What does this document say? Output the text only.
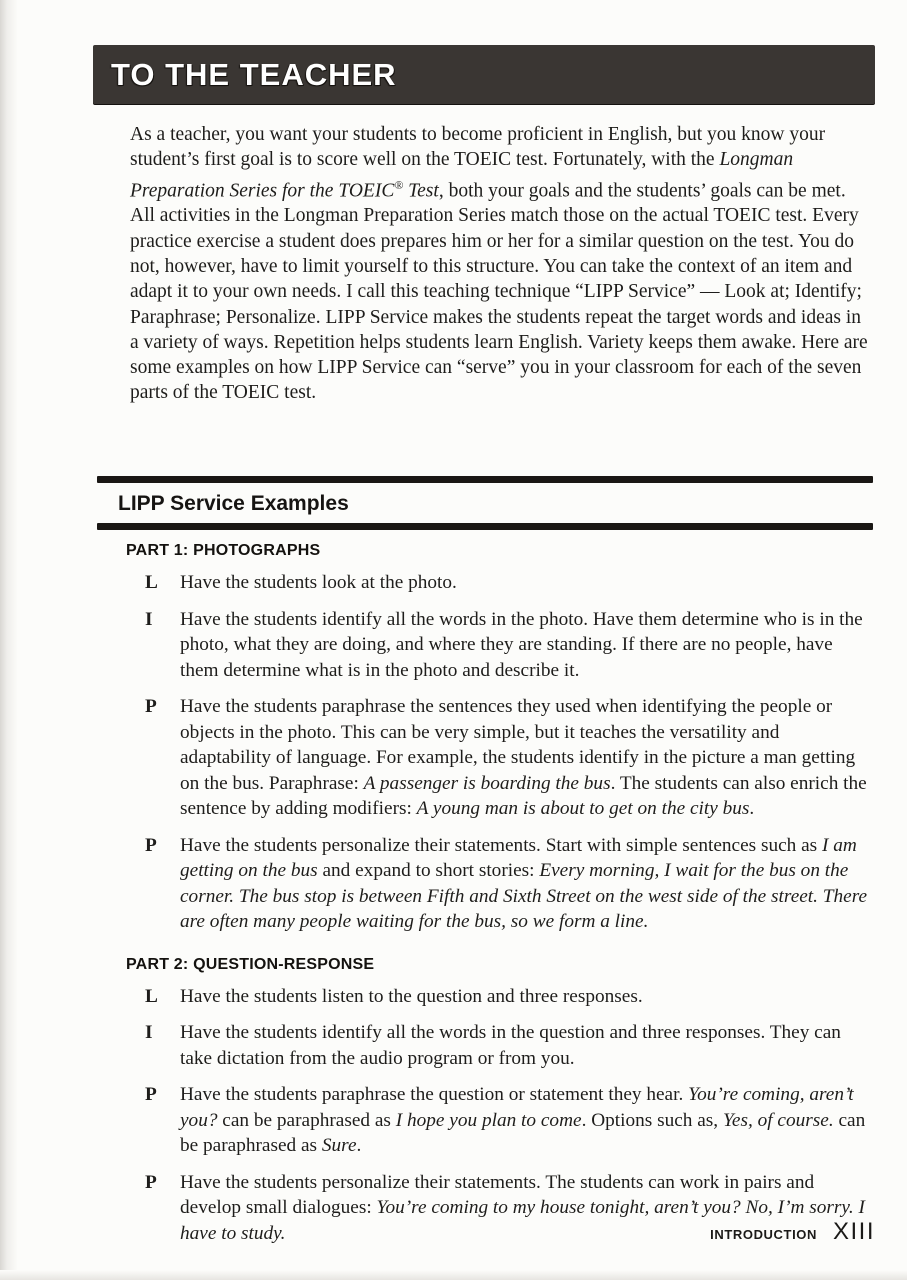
TO THE TEACHER

As a teacher, you want your students to become proficient in English, but you know your student’s first goal is to score well on the TOEIC test. Fortunately, with the Longman Preparation Series for the TOEIC® Test, both your goals and the students’ goals can be met. All activities in the Longman Preparation Series match those on the actual TOEIC test. Every practice exercise a student does prepares him or her for a similar question on the test. You do not, however, have to limit yourself to this structure. You can take the context of an item and adapt it to your own needs. I call this teaching technique “LIPP Service” — Look at; Identify; Paraphrase; Personalize. LIPP Service makes the students repeat the target words and ideas in a variety of ways. Repetition helps students learn English. Variety keeps them awake. Here are some examples on how LIPP Service can “serve” you in your classroom for each of the seven parts of the TOEIC test.

LIPP Service Examples
PART 1: PHOTOGRAPHS
L Have the students look at the photo.
I Have the students identify all the words in the photo. Have them determine who is in the photo, what they are doing, and where they are standing. If there are no people, have them determine what is in the photo and describe it.
P Have the students paraphrase the sentences they used when identifying the people or objects in the photo. This can be very simple, but it teaches the versatility and adaptability of language. For example, the students identify in the picture a man getting on the bus. Paraphrase: A passenger is boarding the bus. The students can also enrich the sentence by adding modifiers: A young man is about to get on the city bus.
P Have the students personalize their statements. Start with simple sentences such as I am getting on the bus and expand to short stories: Every morning, I wait for the bus on the corner. The bus stop is between Fifth and Sixth Street on the west side of the street. There are often many people waiting for the bus, so we form a line.
PART 2: QUESTION-RESPONSE
L Have the students listen to the question and three responses.
I Have the students identify all the words in the question and three responses. They can take dictation from the audio program or from you.
P Have the students paraphrase the question or statement they hear. You’re coming, aren’t you? can be paraphrased as I hope you plan to come. Options such as, Yes, of course. can be paraphrased as Sure.
P Have the students personalize their statements. The students can work in pairs and develop small dialogues: You’re coming to my house tonight, aren’t you? No, I’m sorry. I have to study.	INTRODUCTION XIII
